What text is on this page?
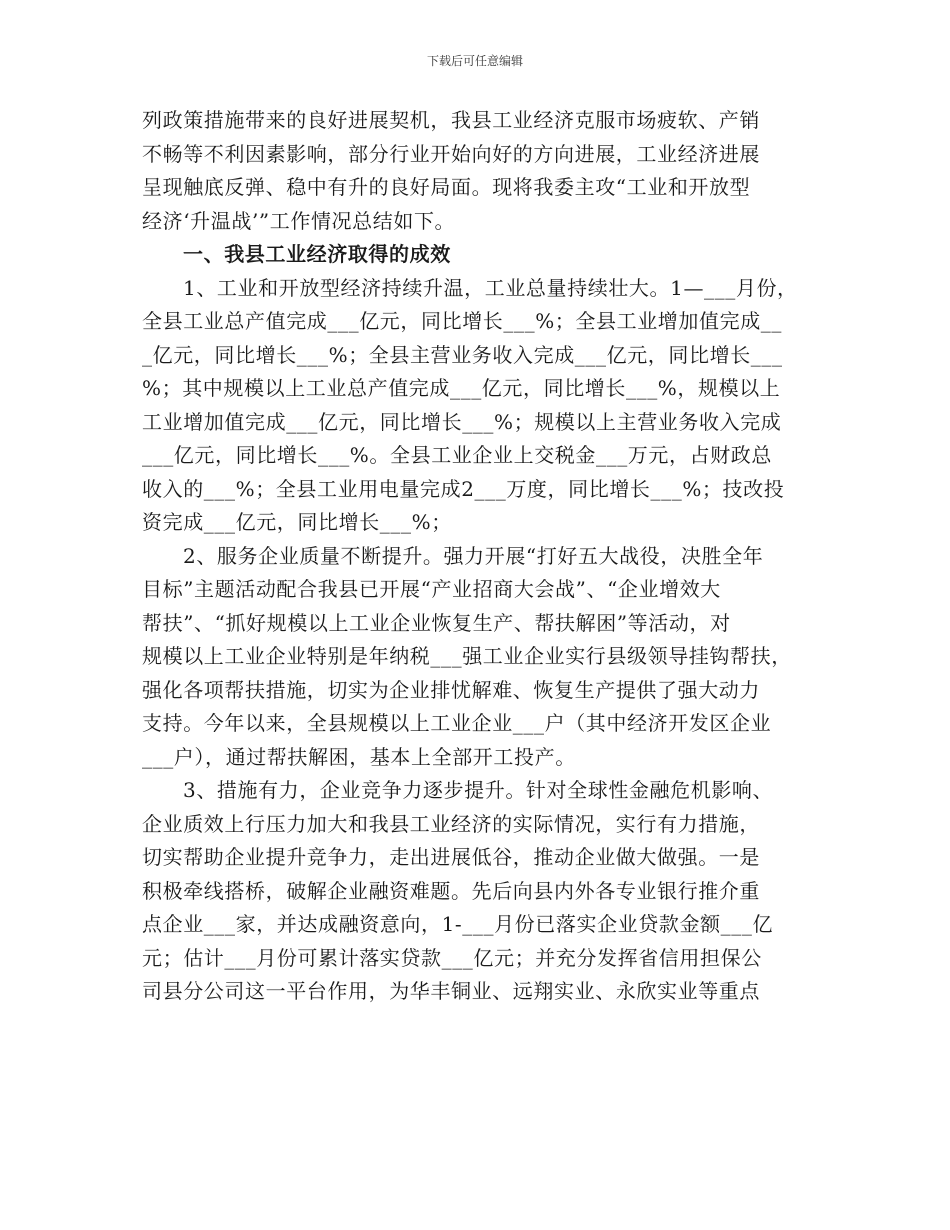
下载后可任意编辑
列政策措施带来的良好进展契机，我县工业经济克服市场疲软、产销
不畅等不利因素影响，部分行业开始向好的方向进展，工业经济进展
呈现触底反弹、稳中有升的良好局面。现将我委主攻“工业和开放型
经济‘升温战’”工作情况总结如下。
一、我县工业经济取得的成效
1、工业和开放型经济持续升温，工业总量持续壮大。1—___月份，
全县工业总产值完成___亿元，同比增长___%；全县工业增加值完成__
_亿元，同比增长___%；全县主营业务收入完成___亿元，同比增长___
%；其中规模以上工业总产值完成___亿元，同比增长___%，规模以上
工业增加值完成___亿元，同比增长___%；规模以上主营业务收入完成
___亿元，同比增长___%。全县工业企业上交税金___万元，占财政总
收入的___%；全县工业用电量完成2___万度，同比增长___%；技改投
资完成___亿元，同比增长___%；
2、服务企业质量不断提升。强力开展“打好五大战役，决胜全年
目标”主题活动配合我县已开展“产业招商大会战”、“企业增效大
帮扶”、“抓好规模以上工业企业恢复生产、帮扶解困”等活动，对
规模以上工业企业特别是年纳税___强工业企业实行县级领导挂钩帮扶，
强化各项帮扶措施，切实为企业排忧解难、恢复生产提供了强大动力
支持。今年以来，全县规模以上工业企业___户（其中经济开发区企业
___户），通过帮扶解困，基本上全部开工投产。
3、措施有力，企业竞争力逐步提升。针对全球性金融危机影响、
企业质效上行压力加大和我县工业经济的实际情况，实行有力措施，
切实帮助企业提升竞争力，走出进展低谷，推动企业做大做强。一是
积极牵线搭桥，破解企业融资难题。先后向县内外各专业银行推介重
点企业___家，并达成融资意向，1-___月份已落实企业贷款金额___亿
元；估计___月份可累计落实贷款___亿元；并充分发挥省信用担保公
司县分公司这一平台作用，为华丰铜业、远翔实业、永欣实业等重点
